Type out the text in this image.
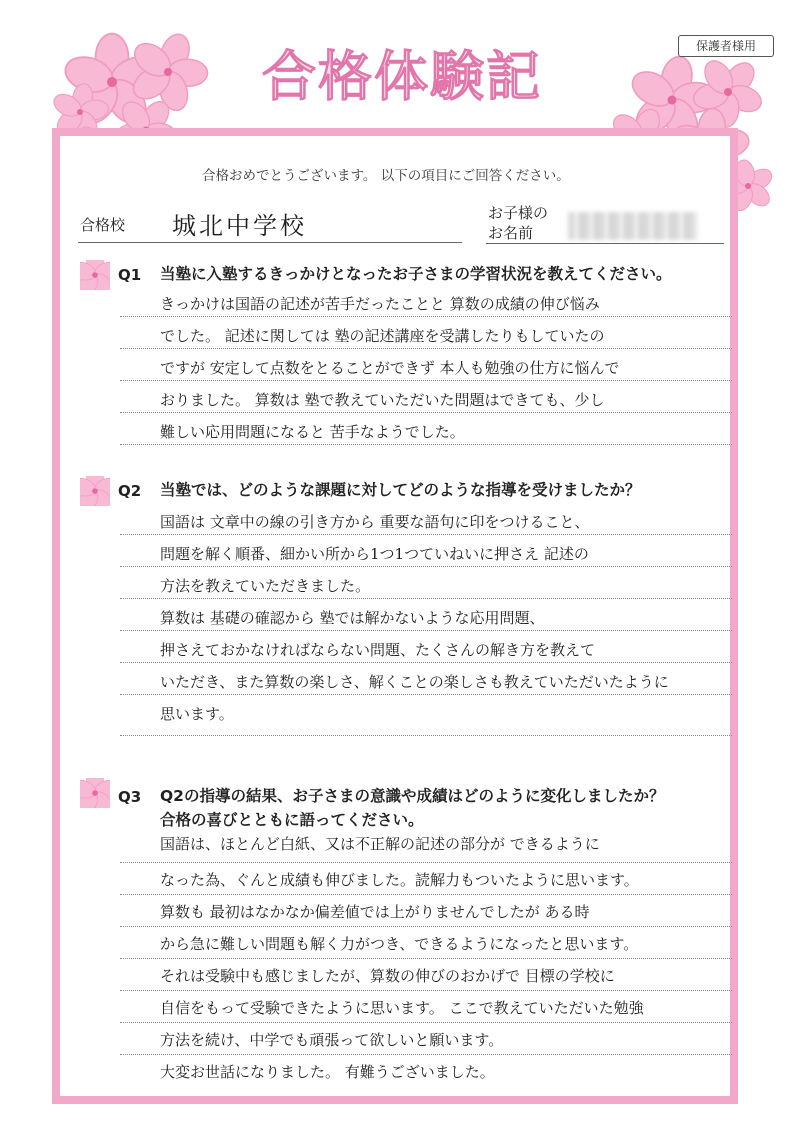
保護者様用
合格体験記
合格おめでとうございます。 以下の項目にご回答ください。
合格校 城北中学校	お子様の
お名前
Q1 当塾に入塾するきっかけとなったお子さまの学習状況を教えてください。
きっかけは国語の記述が苦手だったことと 算数の成績の伸び悩み
でした。 記述に関しては 塾の記述講座を受講したりもしていたの
ですが 安定して点数をとることができず 本人も勉強の仕方に悩んで
おりました。 算数は 塾で教えていただいた問題はできても、少し
難しい応用問題になると 苦手なようでした。
Q2 当塾では、どのような課題に対してどのような指導を受けましたか？
国語は 文章中の線の引き方から 重要な語句に印をつけること、
問題を解く順番、細かい所から1つ1つていねいに押さえ 記述の
方法を教えていただきました。
算数は 基礎の確認から 塾では解かないような応用問題、
押さえておかなければならない問題、たくさんの解き方を教えて
いただき、また算数の楽しさ、解くことの楽しさも教えていただいたように
思います。
Q3 Q2の指導の結果、お子さまの意識や成績はどのように変化しましたか？
合格の喜びとともに語ってください。
国語は、ほとんど白紙、又は不正解の記述の部分が できるように
なった為、ぐんと成績も伸びました。読解力もついたように思います。
算数も 最初はなかなか偏差値では上がりませんでしたが ある時
から急に難しい問題も解く力がつき、できるようになったと思います。
それは受験中も感じましたが、算数の伸びのおかげで 目標の学校に
自信をもって受験できたように思います。 ここで教えていただいた勉強
方法を続け、中学でも頑張って欲しいと願います。
大変お世話になりました。 有難うございました。
